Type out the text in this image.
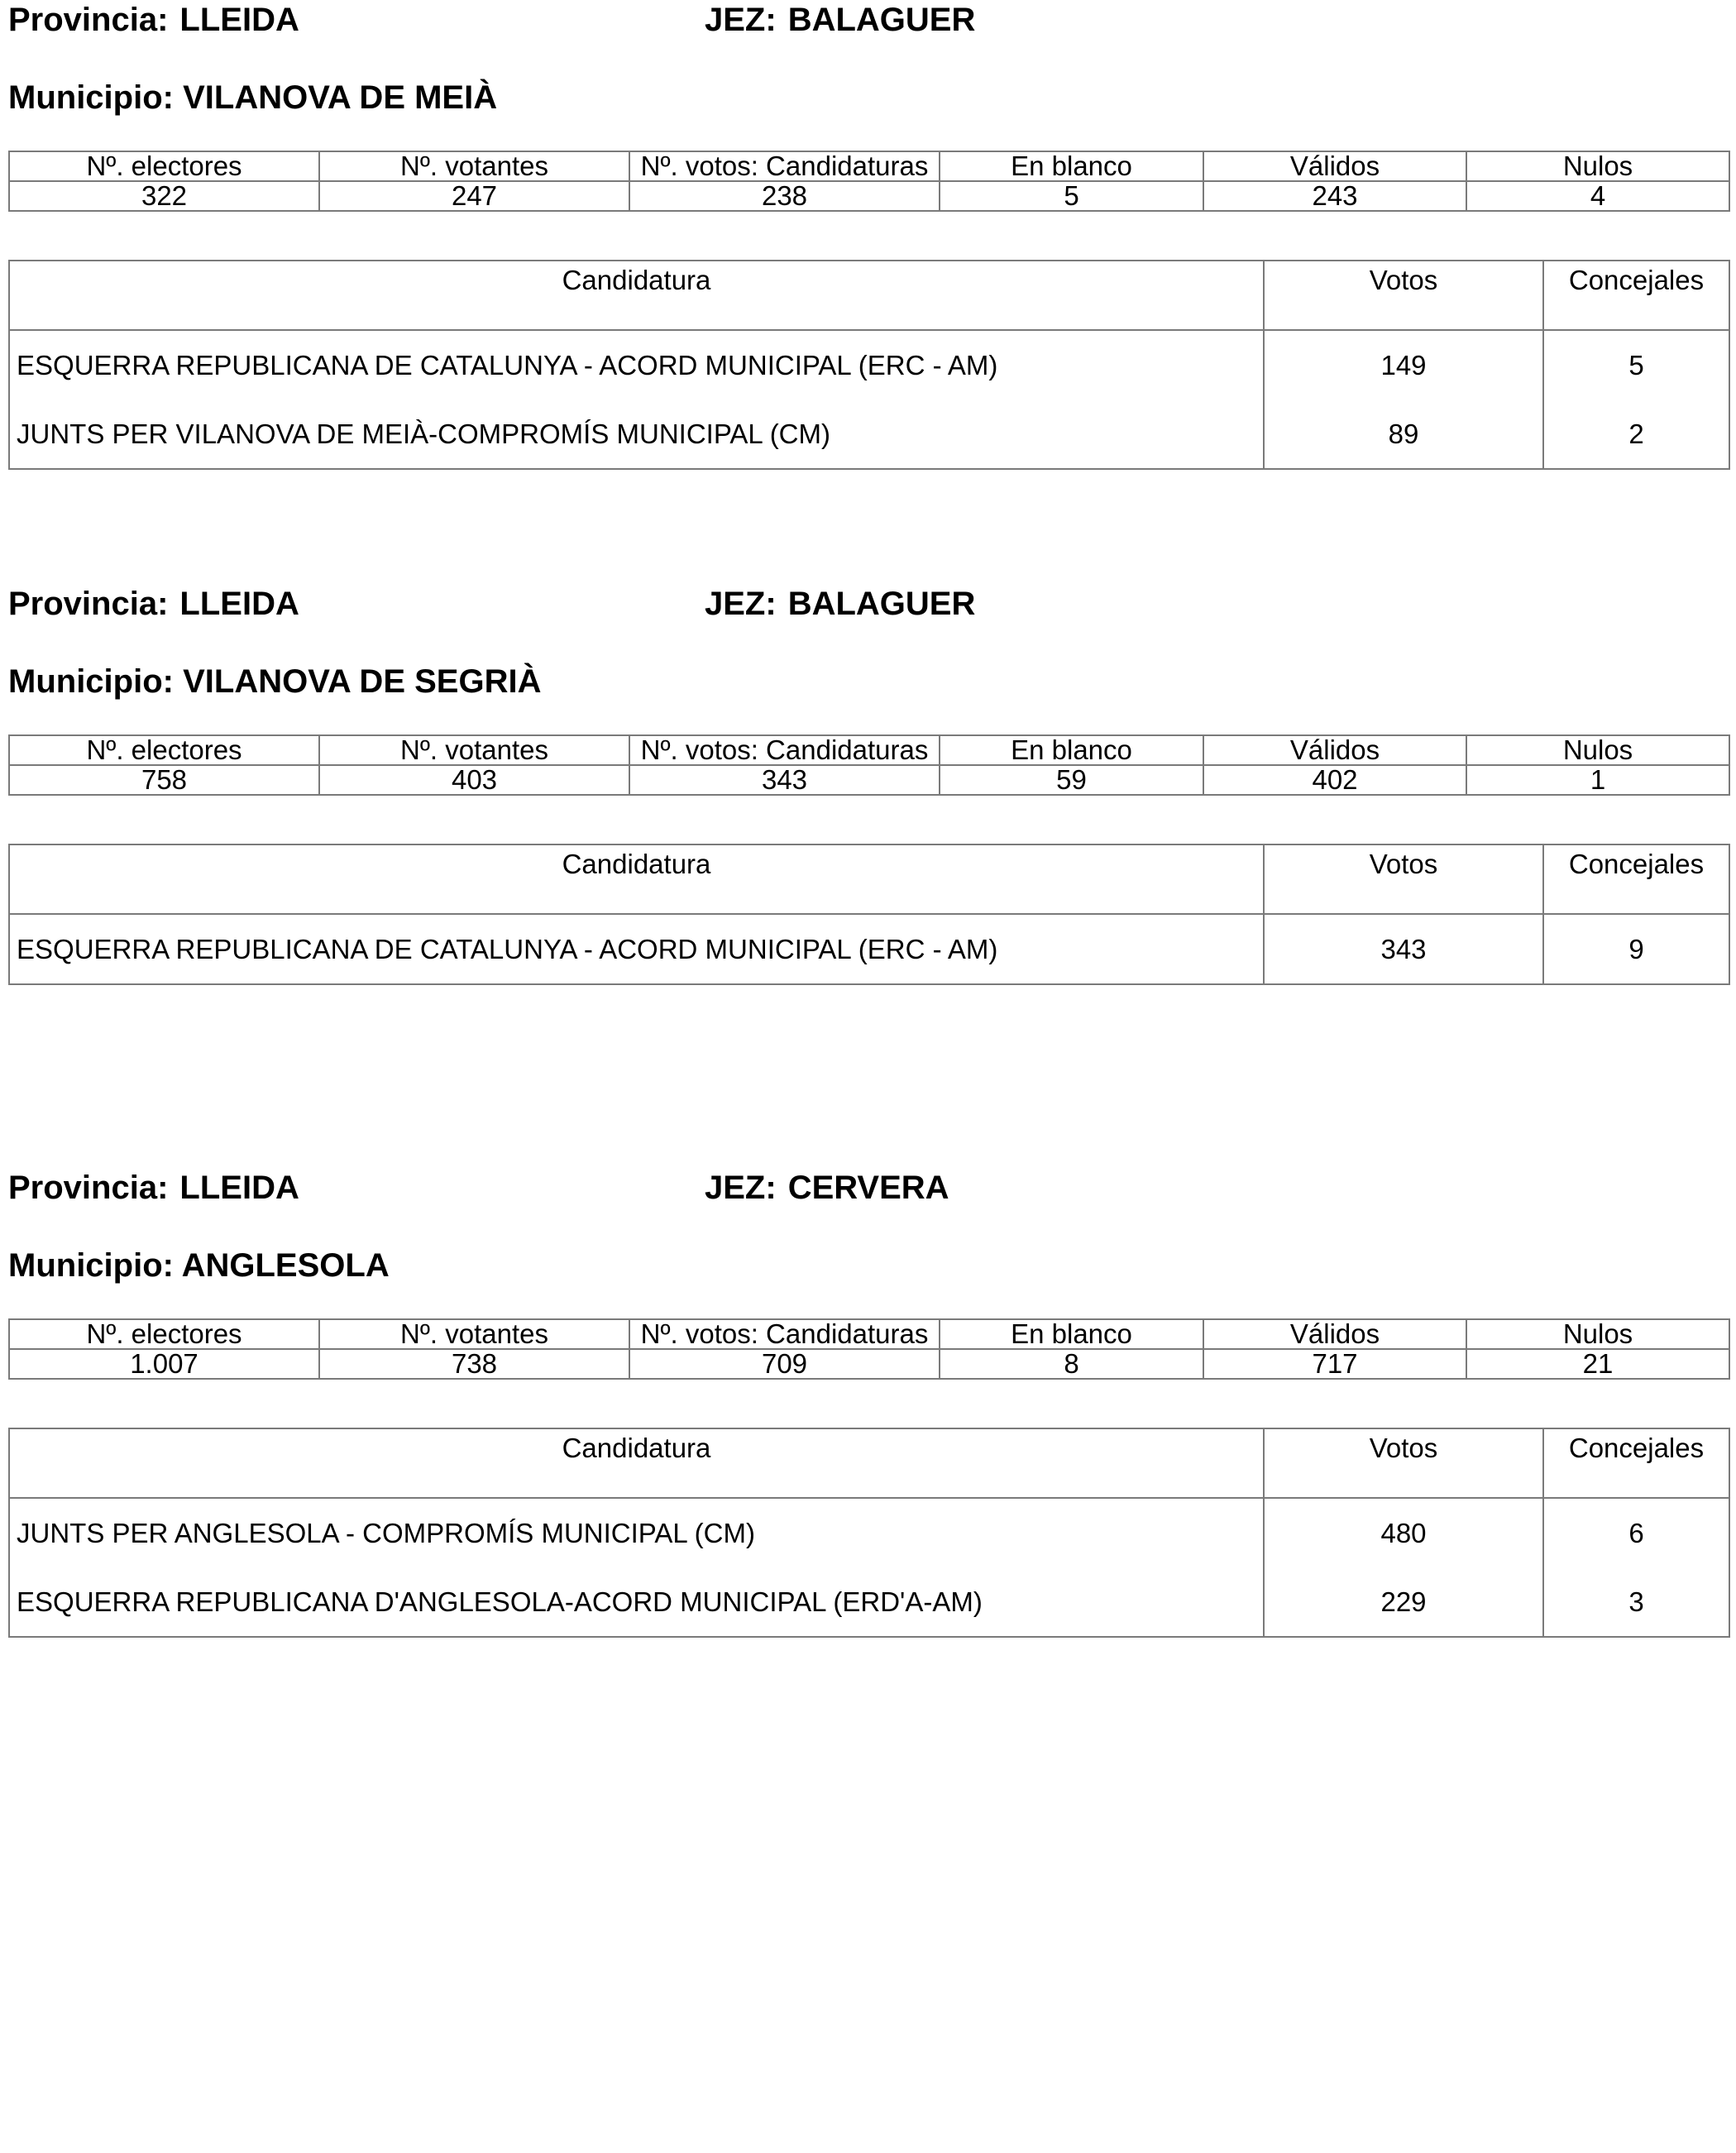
Provincia: LLEIDA	JEZ: BALAGUER
Municipio: VILANOVA DE MEIÀ
Nº. electores	Nº. votantes	Nº. votos: Candidaturas	En blanco	Válidos	Nulos
322	247	238	5	243	4
Candidatura	Votos	Concejales
ESQUERRA REPUBLICANA DE CATALUNYA - ACORD MUNICIPAL (ERC - AM)	149	5
JUNTS PER VILANOVA DE MEIÀ-COMPROMÍS MUNICIPAL (CM)	89	2
Provincia: LLEIDA	JEZ: BALAGUER
Municipio: VILANOVA DE SEGRIÀ
Nº. electores	Nº. votantes	Nº. votos: Candidaturas	En blanco	Válidos	Nulos
758	403	343	59	402	1
Candidatura	Votos	Concejales
ESQUERRA REPUBLICANA DE CATALUNYA - ACORD MUNICIPAL (ERC - AM)	343	9
Provincia: LLEIDA	JEZ: CERVERA
Municipio: ANGLESOLA
Nº. electores	Nº. votantes	Nº. votos: Candidaturas	En blanco	Válidos	Nulos
1.007	738	709	8	717	21
Candidatura	Votos	Concejales
JUNTS PER ANGLESOLA - COMPROMÍS MUNICIPAL (CM)	480	6
ESQUERRA REPUBLICANA D'ANGLESOLA-ACORD MUNICIPAL (ERD'A-AM)	229	3
